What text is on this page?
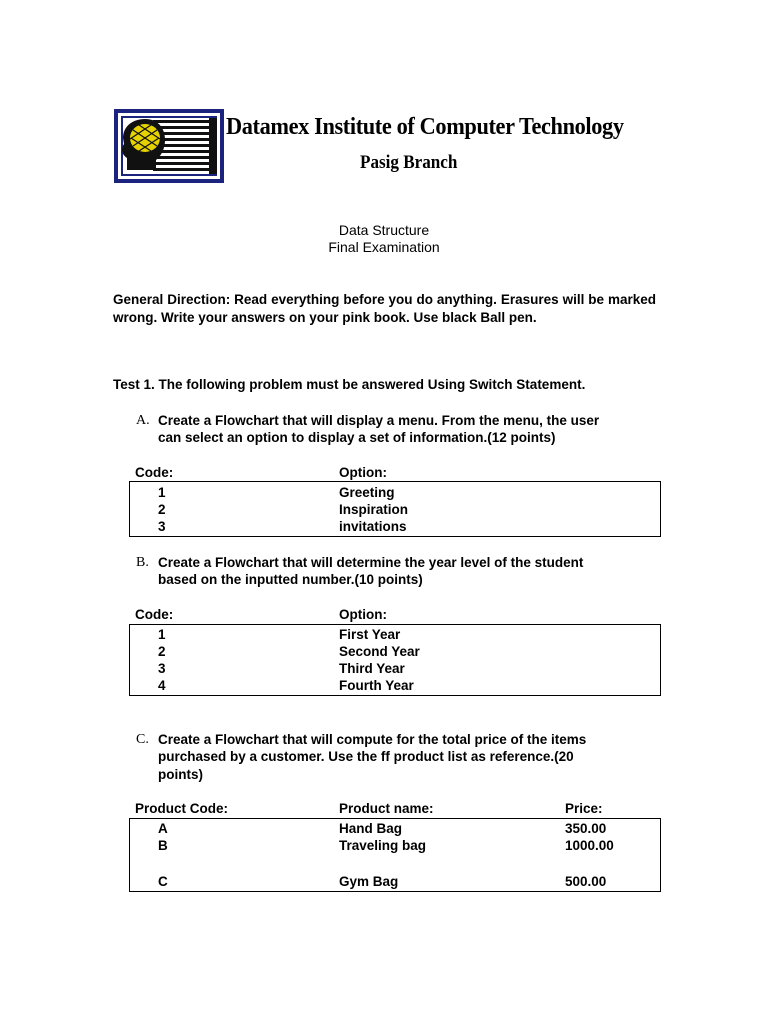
Datamex Institute of Computer Technology
Pasig Branch
Data Structure
Final Examination
General Direction: Read everything before you do anything. Erasures will be marked wrong. Write your answers on your pink book. Use black Ball pen.
Test 1. The following problem must be answered Using Switch Statement.
A. Create a Flowchart that will display a menu. From the menu, the user
can select an option to display a set of information.(12 points)
Code:	Option:
1	Greeting
2	Inspiration
3	invitations
B. Create a Flowchart that will determine the year level of the student
based on the inputted number.(10 points)
Code:	Option:
1	First Year
2	Second Year
3	Third Year
4	Fourth Year
C. Create a Flowchart that will compute for the total price of the items
purchased by a customer. Use the ff product list as reference.(20
points)
Product Code:	Product name:	Price:
A	Hand Bag	350.00
B	Traveling bag	1000.00
C	Gym Bag	500.00
